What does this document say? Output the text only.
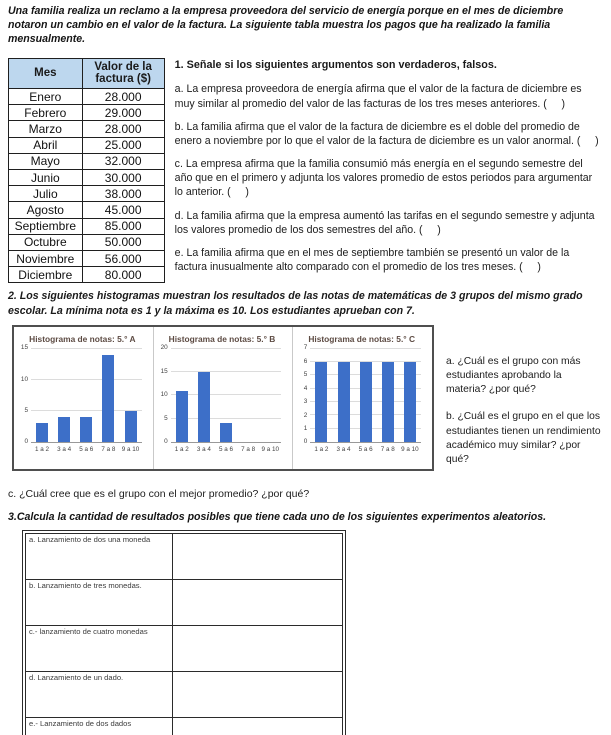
Una familia realiza un reclamo a la empresa proveedora del servicio de energía porque en el mes de diciembre notaron un cambio en el valor de la factura. La siguiente tabla muestra los pagos que ha realizado la familia mensualmente.
Mes	Valor de la factura ($)
Enero	28.000
Febrero	29.000
Marzo	28.000
Abril	25.000
Mayo	32.000
Junio	30.000
Julio	38.000
Agosto	45.000
Septiembre	85.000
Octubre	50.000
Noviembre	56.000
Diciembre	80.000
1. Señale si los siguientes argumentos son verdaderos, falsos.
a. La empresa proveedora de energía afirma que el valor de la factura de diciembre es muy similar al promedio del valor de las facturas de los tres meses anteriores. (     )
b. La familia afirma que el valor de la factura de diciembre es el doble del promedio de enero a noviembre por lo que el valor de la factura de diciembre es un valor anormal. (     )
c. La empresa afirma que la familia consumió más energía en el segundo semestre del año que en el primero y adjunta los valores promedio de estos periodos para argumentar lo anterior. (     )
d. La familia afirma que la empresa aumentó las tarifas en el segundo semestre y adjunta los valores promedio de los dos semestres del año. (     )
e. La familia afirma que en el mes de septiembre también se presentó un valor de la factura inusualmente alto comparado con el promedio de los tres meses. (     )
2. Los siguientes histogramas muestran los resultados de las notas de matemáticas de 3 grupos del mismo grado escolar. La mínima nota es 1 y la máxima es 10. Los estudiantes aprueban con 7.
Histograma de notas: 5.° A
0
5
10
15
1 a 2	3 a 4	5 a 6	7 a 8	9 a 10
Histograma de notas: 5.° B
0
5
10
15
20
1 a 2	3 a 4	5 a 6	7 a 8	9 a 10
Histograma de notas: 5.° C
0
1
2
3
4
5
6
7
1 a 2	3 a 4	5 a 6	7 a 8	9 a 10
a. ¿Cuál es el grupo con más estudiantes aprobando la materia? ¿por qué?
b. ¿Cuál es el grupo en el que los estudiantes tienen un rendimiento académico muy similar? ¿por qué?
c. ¿Cuál cree que es el grupo con el mejor promedio? ¿por qué?
3.Calcula la cantidad de resultados posibles que tiene cada uno de los siguientes experimentos aleatorios.
a. Lanzamiento de dos una moneda	
b. Lanzamiento de tres monedas.	
c.- lanzamiento de cuatro monedas	
d. Lanzamiento de un dado.	
e.- Lanzamiento de dos dados	
